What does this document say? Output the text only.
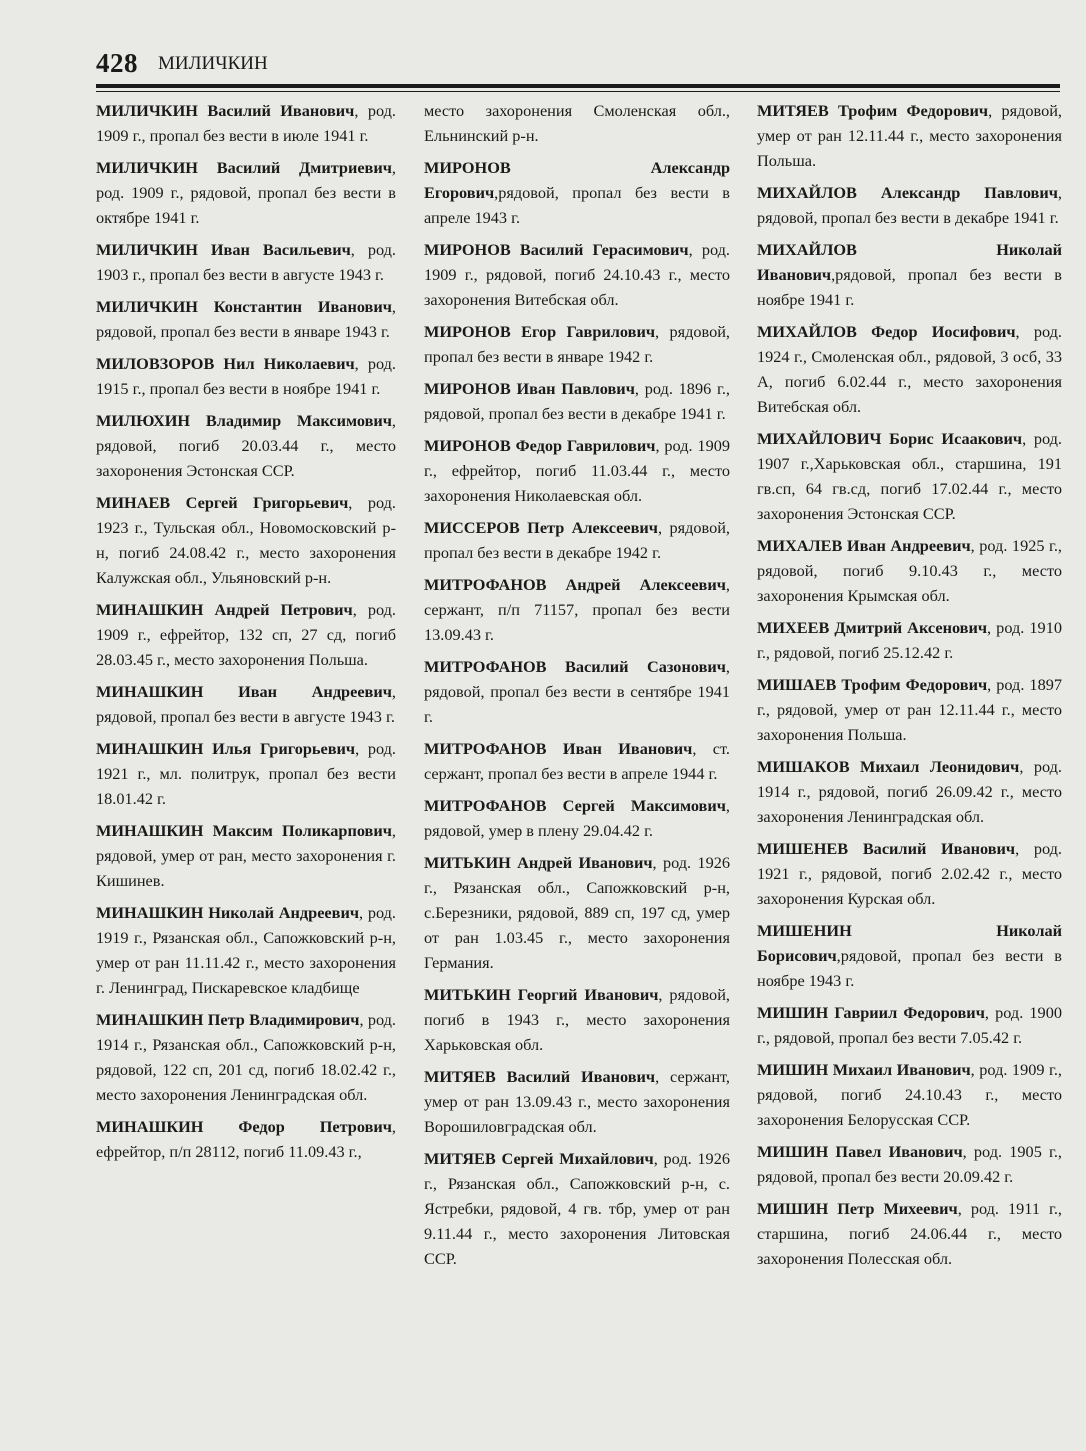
428 МИЛИЧКИН

МИЛИЧКИН Василий Иванович, род. 1909 г., пропал без вести в июле 1941 г.

МИЛИЧКИН Василий Дмитриевич, род. 1909 г., рядовой, пропал без вести в октябре 1941 г.

МИЛИЧКИН Иван Васильевич, род. 1903 г., пропал без вести в августе 1943 г.

МИЛИЧКИН Константин Иванович, рядовой, пропал без вести в январе 1943 г.

МИЛОВЗОРОВ Нил Николаевич, род. 1915 г., пропал без вести в ноябре 1941 г.

МИЛЮХИН Владимир Максимович, рядовой, погиб 20.03.44 г., место захоронения Эстонская ССР.

МИНАЕВ Сергей Григорьевич, род. 1923 г., Тульская обл., Новомосковский р-н, погиб 24.08.42 г., место захоронения Калужская обл., Ульяновский р-н.

МИНАШКИН Андрей Петрович, род. 1909 г., ефрейтор, 132 сп, 27 сд, погиб 28.03.45 г., место захоронения Польша.

МИНАШКИН Иван Андреевич, рядовой, пропал без вести в августе 1943 г.

МИНАШКИН Илья Григорьевич, род. 1921 г., мл. политрук, пропал без вести 18.01.42 г.

МИНАШКИН Максим Поликарпович, рядовой, умер от ран, место захоронения г. Кишинев.

МИНАШКИН Николай Андреевич, род. 1919 г., Рязанская обл., Сапожковский р-н, умер от ран 11.11.42 г., место захоронения г. Ленинград, Пискаревское кладбище

МИНАШКИН Петр Владимирович, род. 1914 г., Рязанская обл., Сапожковский р-н, рядовой, 122 сп, 201 сд, погиб 18.02.42 г., место захоронения Ленинградская обл.

МИНАШКИН Федор Петрович, ефрейтор, п/п 28112, погиб 11.09.43 г.,

место захоронения Смоленская обл., Ельнинский р-н.

МИРОНОВ Александр Егорович,рядовой, пропал без вести в апреле 1943 г.

МИРОНОВ Василий Герасимович, род. 1909 г., рядовой, погиб 24.10.43 г., место захоронения Витебская обл.

МИРОНОВ Егор Гаврилович, рядовой, пропал без вести в январе 1942 г.

МИРОНОВ Иван Павлович, род. 1896 г., рядовой, пропал без вести в декабре 1941 г.

МИРОНОВ Федор Гаврилович, род. 1909 г., ефрейтор, погиб 11.03.44 г., место захоронения Николаевская обл.

МИССЕРОВ Петр Алексеевич, рядовой, пропал без вести в декабре 1942 г.

МИТРОФАНОВ Андрей Алексеевич, сержант, п/п 71157, пропал без вести 13.09.43 г.

МИТРОФАНОВ Василий Сазонович, рядовой, пропал без вести в сентябре 1941 г.

МИТРОФАНОВ Иван Иванович, ст. сержант, пропал без вести в апреле 1944 г.

МИТРОФАНОВ Сергей Максимович, рядовой, умер в плену 29.04.42 г.

МИТЬКИН Андрей Иванович, род. 1926 г., Рязанская обл., Сапожковский р-н, с.Березники, рядовой, 889 сп, 197 сд, умер от ран 1.03.45 г., место захоронения Германия.

МИТЬКИН Георгий Иванович, рядовой, погиб в 1943 г., место захоронения Харьковская обл.

МИТЯЕВ Василий Иванович, сержант, умер от ран 13.09.43 г., место захоронения Ворошиловградская обл.

МИТЯЕВ Сергей Михайлович, род. 1926 г., Рязанская обл., Сапожковский р-н, с. Ястребки, рядовой, 4 гв. тбр, умер от ран 9.11.44 г., место захоронения Литовская ССР.

МИТЯЕВ Трофим Федорович, рядовой, умер от ран 12.11.44 г., место захоронения Польша.

МИХАЙЛОВ Александр Павлович, рядовой, пропал без вести в декабре 1941 г.

МИХАЙЛОВ Николай Иванович,рядовой, пропал без вести в ноябре 1941 г.

МИХАЙЛОВ Федор Иосифович, род. 1924 г., Смоленская обл., рядовой, 3 осб, 33 А, погиб 6.02.44 г., место захоронения Витебская обл.

МИХАЙЛОВИЧ Борис Исаакович, род. 1907 г.,Харьковская обл., старшина, 191 гв.сп, 64 гв.сд, погиб 17.02.44 г., место захоронения Эстонская ССР.

МИХАЛЕВ Иван Андреевич, род. 1925 г., рядовой, погиб 9.10.43 г., место захоронения Крымская обл.

МИХЕЕВ Дмитрий Аксенович, род. 1910 г., рядовой, погиб 25.12.42 г.

МИШАЕВ Трофим Федорович, род. 1897 г., рядовой, умер от ран 12.11.44 г., место захоронения Польша.

МИШАКОВ Михаил Леонидович, род. 1914 г., рядовой, погиб 26.09.42 г., место захоронения Ленинградская обл.

МИШЕНЕВ Василий Иванович, род. 1921 г., рядовой, погиб 2.02.42 г., место захоронения Курская обл.

МИШЕНИН Николай Борисович,рядовой, пропал без вести в ноябре 1943 г.

МИШИН Гавриил Федорович, род. 1900 г., рядовой, пропал без вести 7.05.42 г.

МИШИН Михаил Иванович, род. 1909 г., рядовой, погиб 24.10.43 г., место захоронения Белорусская ССР.

МИШИН Павел Иванович, род. 1905 г., рядовой, пропал без вести 20.09.42 г.

МИШИН Петр Михеевич, род. 1911 г., старшина, погиб 24.06.44 г., место захоронения Полесская обл.
